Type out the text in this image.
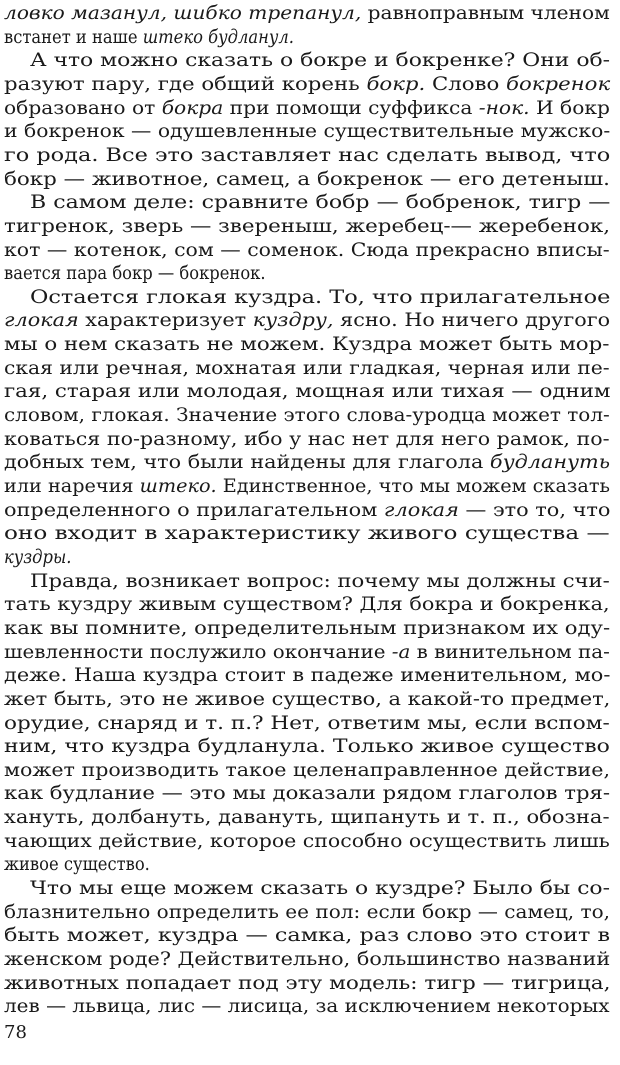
ловко мазанул, шибко трепанул, равноправным членом
встанет и наше штеко будланул.
А что можно сказать о бокре и бокренке? Они об-
разуют пару, где общий корень бокр. Слово бокренок
образовано от бокра при помощи суффикса -нок. И бокр
и бокренок — одушевленные существительные мужско-
го рода. Все это заставляет нас сделать вывод, что
бокр — животное, самец, а бокренок — его детеныш.
В самом деле: сравните бобр — бобренок, тигр —
тигренок, зверь — звереныш, жеребец-— жеребенок,
кот — котенок, сом — соменок. Сюда прекрасно вписы-
вается пара бокр — бокренок.
Остается глокая куздра. То, что прилагательное
глокая характеризует куздру, ясно. Но ничего другого
мы о нем сказать не можем. Куздра может быть мор-
ская или речная, мохнатая или гладкая, черная или пе-
гая, старая или молодая, мощная или тихая — одним
словом, глокая. Значение этого слова-уродца может тол-
коваться по-разному, ибо у нас нет для него рамок, по-
добных тем, что были найдены для глагола будлануть
или наречия штеко. Единственное, что мы можем сказать
определенного о прилагательном глокая — это то, что
оно входит в характеристику живого существа —
куздры.
Правда, возникает вопрос: почему мы должны счи-
тать куздру живым существом? Для бокра и бокренка,
как вы помните, определительным признаком их оду-
шевленности послужило окончание -а в винительном па-
деже. Наша куздра стоит в падеже именительном, мо-
жет быть, это не живое существо, а какой-то предмет,
орудие, снаряд и т. п.? Нет, ответим мы, если вспом-
ним, что куздра будланула. Только живое существо
может производить такое целенаправленное действие,
как будлание — это мы доказали рядом глаголов тря-
хануть, долбануть, давануть, щипануть и т. п., обозна-
чающих действие, которое способно осуществить лишь
живое существо.
Что мы еще можем сказать о куздре? Было бы со-
блазнительно определить ее пол: если бокр — самец, то,
быть может, куздра — самка, раз слово это стоит в
женском роде? Действительно, большинство названий
животных попадает под эту модель: тигр — тигрица,
лев — львица, лис — лисица, за исключением некоторых
78
